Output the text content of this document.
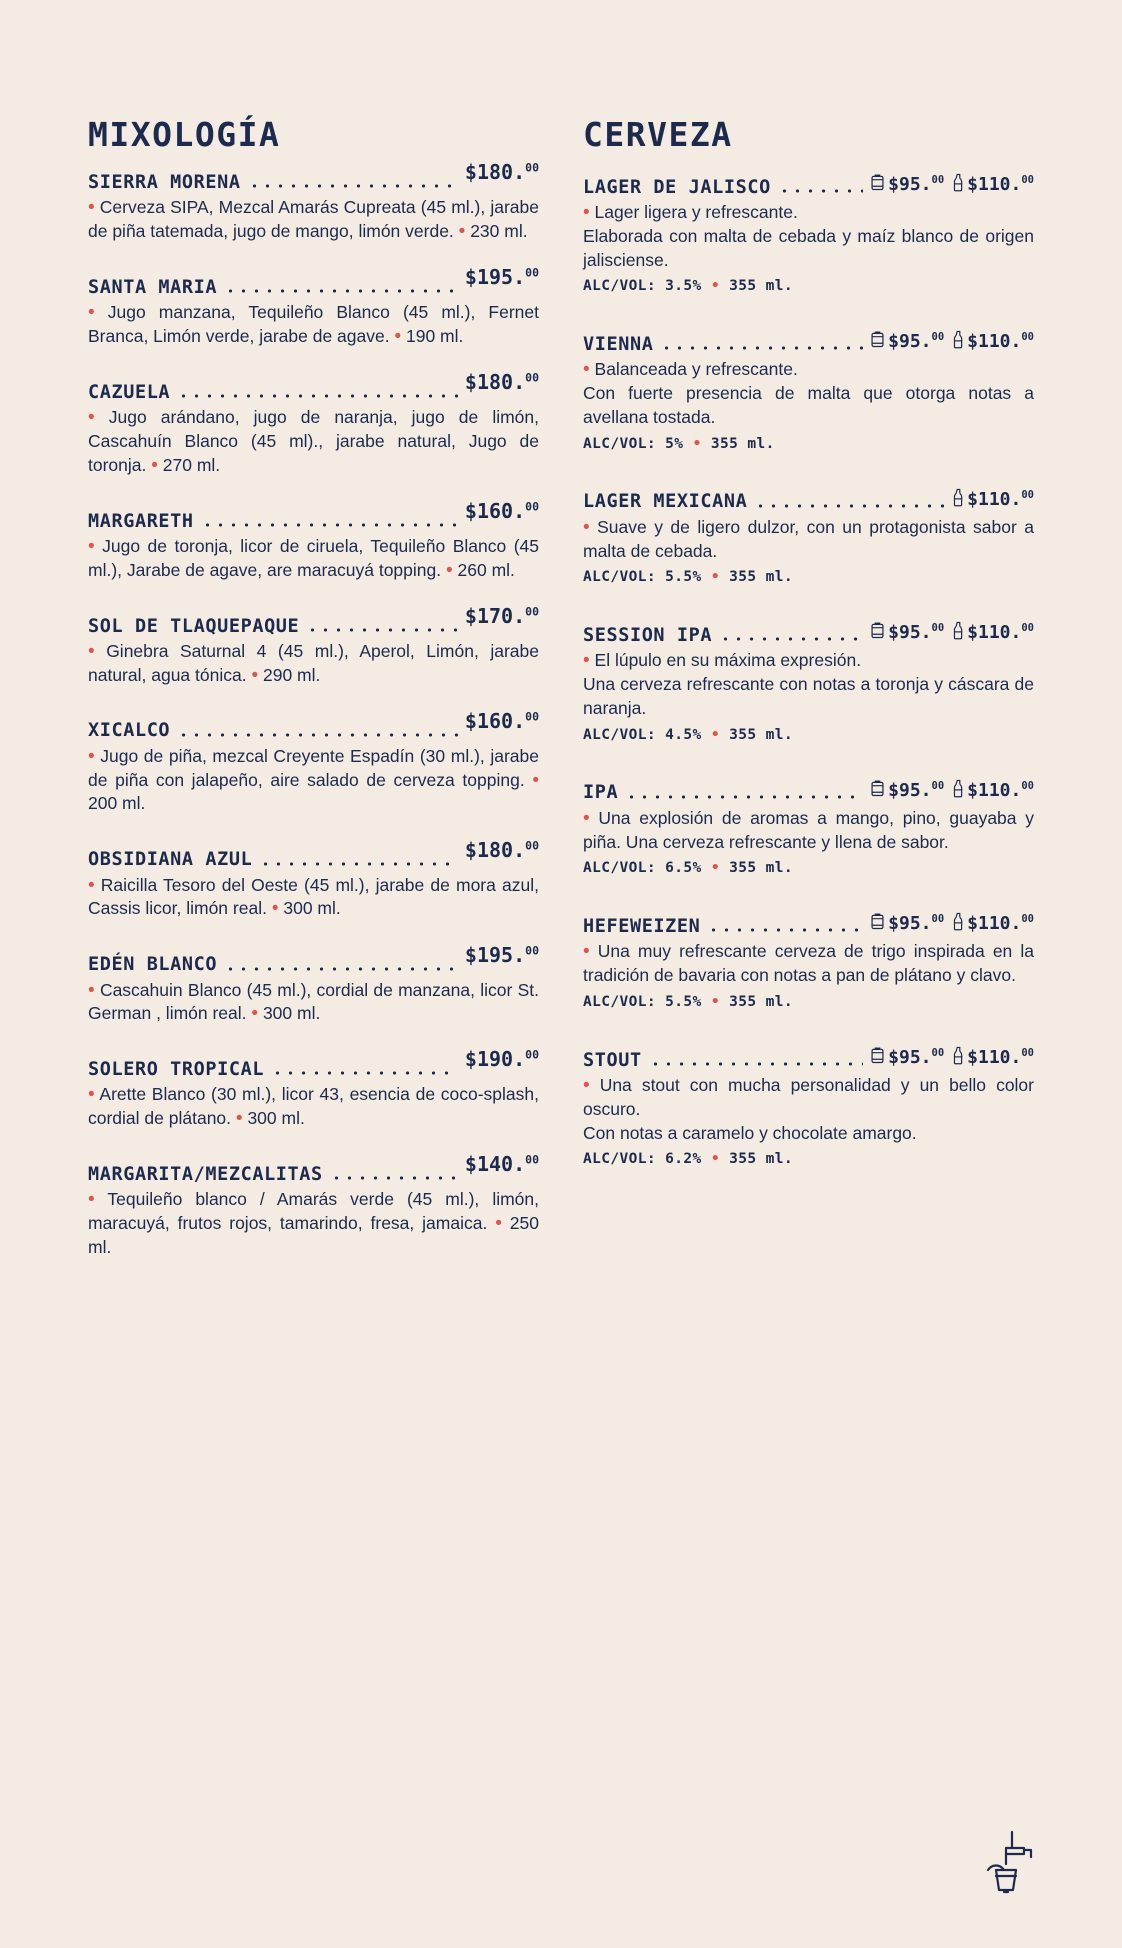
MIXOLOGÍA
SIERRA MORENA	$180.00
• Cerveza SIPA, Mezcal Amarás Cupreata (45 ml.), jarabe de piña tatemada, jugo de mango, limón verde. • 230 ml.
SANTA MARIA	$195.00
• Jugo manzana, Tequileño Blanco (45 ml.), Fernet Branca, Limón verde, jarabe de agave. • 190 ml.
CAZUELA	$180.00
• Jugo arándano, jugo de naranja, jugo de limón, Cascahuín Blanco (45 ml)., jarabe natural, Jugo de toronja. • 270 ml.
MARGARETH	$160.00
• Jugo de toronja, licor de ciruela, Tequileño Blanco (45 ml.), Jarabe de agave, are maracuyá topping. • 260 ml.
SOL DE TLAQUEPAQUE	$170.00
• Ginebra Saturnal 4 (45 ml.), Aperol, Limón, jarabe natural, agua tónica. • 290 ml.
XICALCO	$160.00
• Jugo de piña, mezcal Creyente Espadín (30 ml.), jarabe de piña con jalapeño, aire salado de cerveza topping. • 200 ml.
OBSIDIANA AZUL	$180.00
• Raicilla Tesoro del Oeste (45 ml.), jarabe de mora azul, Cassis licor, limón real. • 300 ml.
EDÉN BLANCO	$195.00
• Cascahuin Blanco (45 ml.), cordial de manzana, licor St. German , limón real. • 300 ml.
SOLERO TROPICAL	$190.00
• Arette Blanco (30 ml.), licor 43, esencia de coco-splash, cordial de plátano. • 300 ml.
MARGARITA/MEZCALITAS	$140.00
• Tequileño blanco / Amarás verde (45 ml.), limón, maracuyá, frutos rojos, tamarindo, fresa, jamaica. • 250 ml.
CERVEZA
LAGER DE JALISCO	$95.00 $110.00
• Lager ligera y refrescante.
Elaborada con malta de cebada y maíz blanco de origen jalisciense.
ALC/VOL: 3.5% • 355 ml.
VIENNA	$95.00 $110.00
• Balanceada y refrescante.
Con fuerte presencia de malta que otorga notas a avellana tostada.
ALC/VOL: 5% • 355 ml.
LAGER MEXICANA	$110.00
• Suave y de ligero dulzor, con un protagonista sabor a malta de cebada.
ALC/VOL: 5.5% • 355 ml.
SESSION IPA	$95.00 $110.00
• El lúpulo en su máxima expresión.
Una cerveza refrescante con notas a toronja y cáscara de naranja.
ALC/VOL: 4.5% • 355 ml.
IPA	$95.00 $110.00
• Una explosión de aromas a mango, pino, guayaba y piña. Una cerveza refrescante y llena de sabor.
ALC/VOL: 6.5% • 355 ml.
HEFEWEIZEN	$95.00 $110.00
• Una muy refrescante cerveza de trigo inspirada en la tradición de bavaria con notas a pan de plátano y clavo.
ALC/VOL: 5.5% • 355 ml.
STOUT	$95.00 $110.00
• Una stout con mucha personalidad y un bello color oscuro.
Con notas a caramelo y chocolate amargo.
ALC/VOL: 6.2% • 355 ml.
